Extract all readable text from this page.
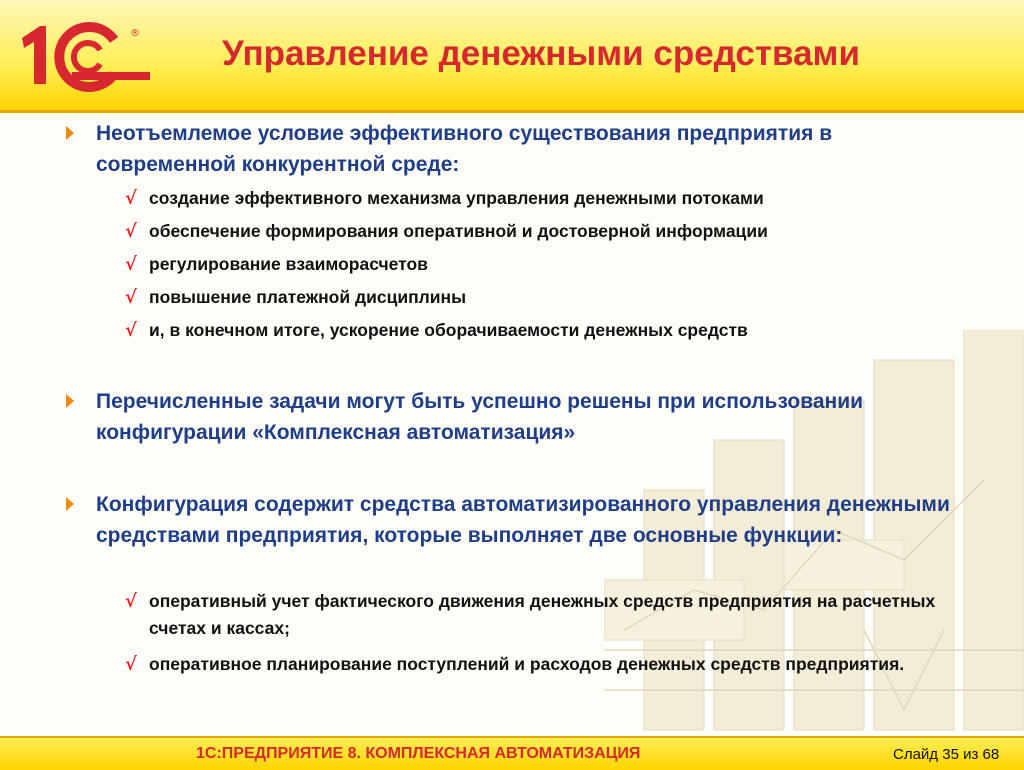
®
Управление денежными средствами
Неотъемлемое условие эффективного существования предприятия в современной конкурентной среде:
√ создание эффективного механизма управления денежными потоками
√ обеспечение формирования оперативной и достоверной информации
√ регулирование взаиморасчетов
√ повышение платежной дисциплины
√ и, в конечном итоге, ускорение оборачиваемости денежных средств
Перечисленные задачи могут быть успешно решены при использовании конфигурации «Комплексная автоматизация»
Конфигурация содержит средства автоматизированного управления денежными средствами предприятия, которые выполняет две основные функции:
√ оперативный учет фактического движения денежных средств предприятия на расчетных счетах и кассах;
√ оперативное планирование поступлений и расходов денежных средств предприятия.
1С:ПРЕДПРИЯТИЕ 8. КОМПЛЕКСНАЯ АВТОМАТИЗАЦИЯ	Слайд 35 из 68
